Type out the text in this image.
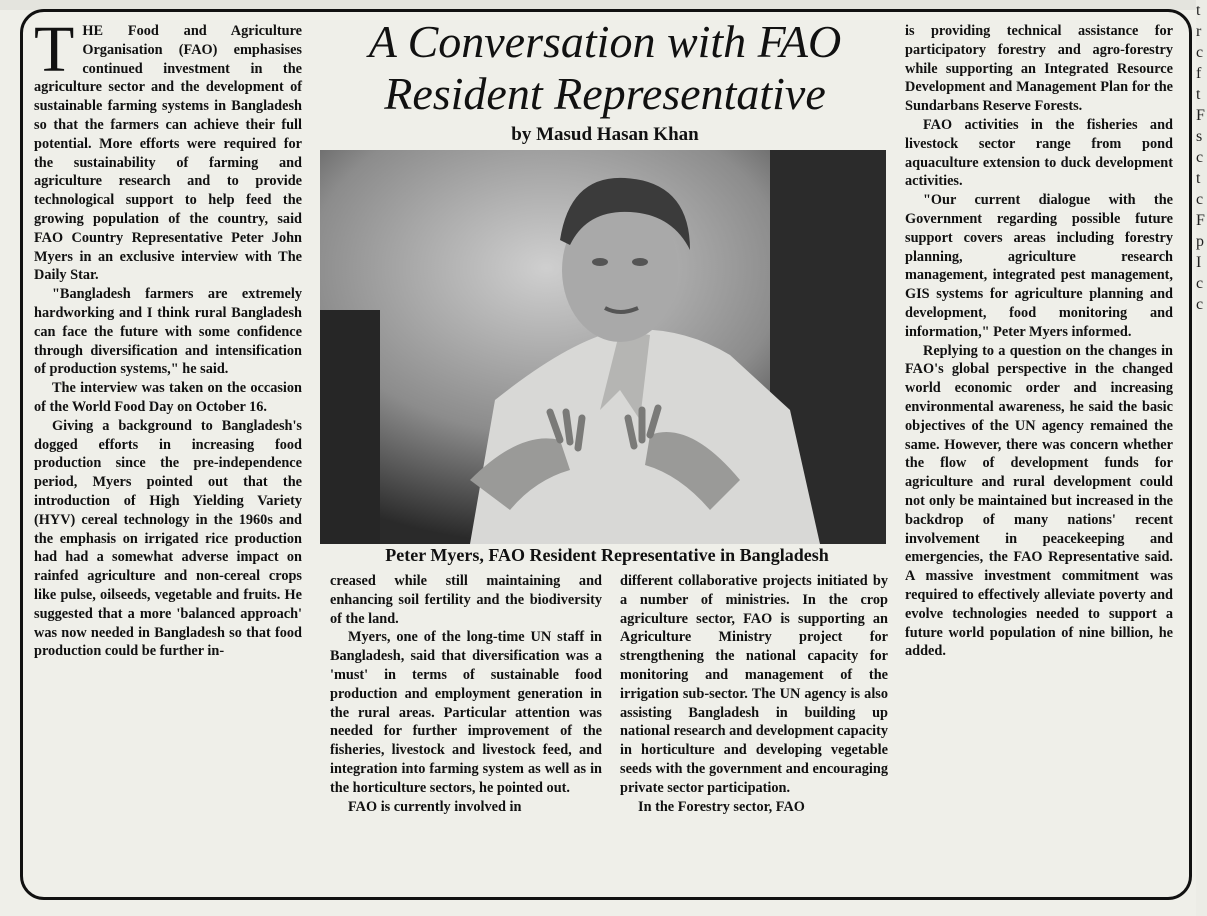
t
r
c
f
t
F
s
c
t
c
F
p
I
c
c
A Conversation with FAO
Resident Representative
by Masud Hasan Khan
Peter Myers, FAO Resident Representative in Bangladesh

THE Food and Agriculture Organisation (FAO) emphasises continued investment in the agriculture sector and the development of sustainable farming systems in Bangladesh so that the farmers can achieve their full potential. More efforts were required for the sustainability of farming and agriculture research and to provide technological support to help feed the growing population of the country, said FAO Country Representative Peter John Myers in an exclusive interview with The Daily Star.

"Bangladesh farmers are extremely hardworking and I think rural Bangladesh can face the future with some confidence through diversification and intensification of production systems," he said.

The interview was taken on the occasion of the World Food Day on October 16.

Giving a background to Bangladesh's dogged efforts in increasing food production since the pre-independence period, Myers pointed out that the introduction of High Yielding Variety (HYV) cereal technology in the 1960s and the emphasis on irrigated rice production had had a somewhat adverse impact on rainfed agriculture and non-cereal crops like pulse, oilseeds, vegetable and fruits. He suggested that a more 'balanced approach' was now needed in Bangladesh so that food production could be further in-

creased while still maintaining and enhancing soil fertility and the biodiversity of the land.

Myers, one of the long-time UN staff in Bangladesh, said that diversification was a 'must' in terms of sustainable food production and employment generation in the rural areas. Particular attention was needed for further improvement of the fisheries, livestock and livestock feed, and integration into farming system as well as in the horticulture sectors, he pointed out.

FAO is currently involved in

different collaborative projects initiated by a number of ministries. In the crop agriculture sector, FAO is supporting an Agriculture Ministry project for strengthening the national capacity for monitoring and management of the irrigation sub-sector. The UN agency is also assisting Bangladesh in building up national research and development capacity in horticulture and developing vegetable seeds with the government and encouraging private sector participation.

In the Forestry sector, FAO

is providing technical assistance for participatory forestry and agro-forestry while supporting an Integrated Resource Development and Management Plan for the Sundarbans Reserve Forests.

FAO activities in the fisheries and livestock sector range from pond aquaculture extension to duck development activities.

"Our current dialogue with the Government regarding possible future support covers areas including forestry planning, agriculture research management, integrated pest management, GIS systems for agriculture planning and development, food monitoring and information," Peter Myers informed.

Replying to a question on the changes in FAO's global perspective in the changed world economic order and increasing environmental awareness, he said the basic objectives of the UN agency remained the same. However, there was concern whether the flow of development funds for agriculture and rural development could not only be maintained but increased in the backdrop of many nations' recent involvement in peacekeeping and emergencies, the FAO Representative said. A massive investment commitment was required to effectively alleviate poverty and evolve technologies needed to support a future world population of nine billion, he added.
